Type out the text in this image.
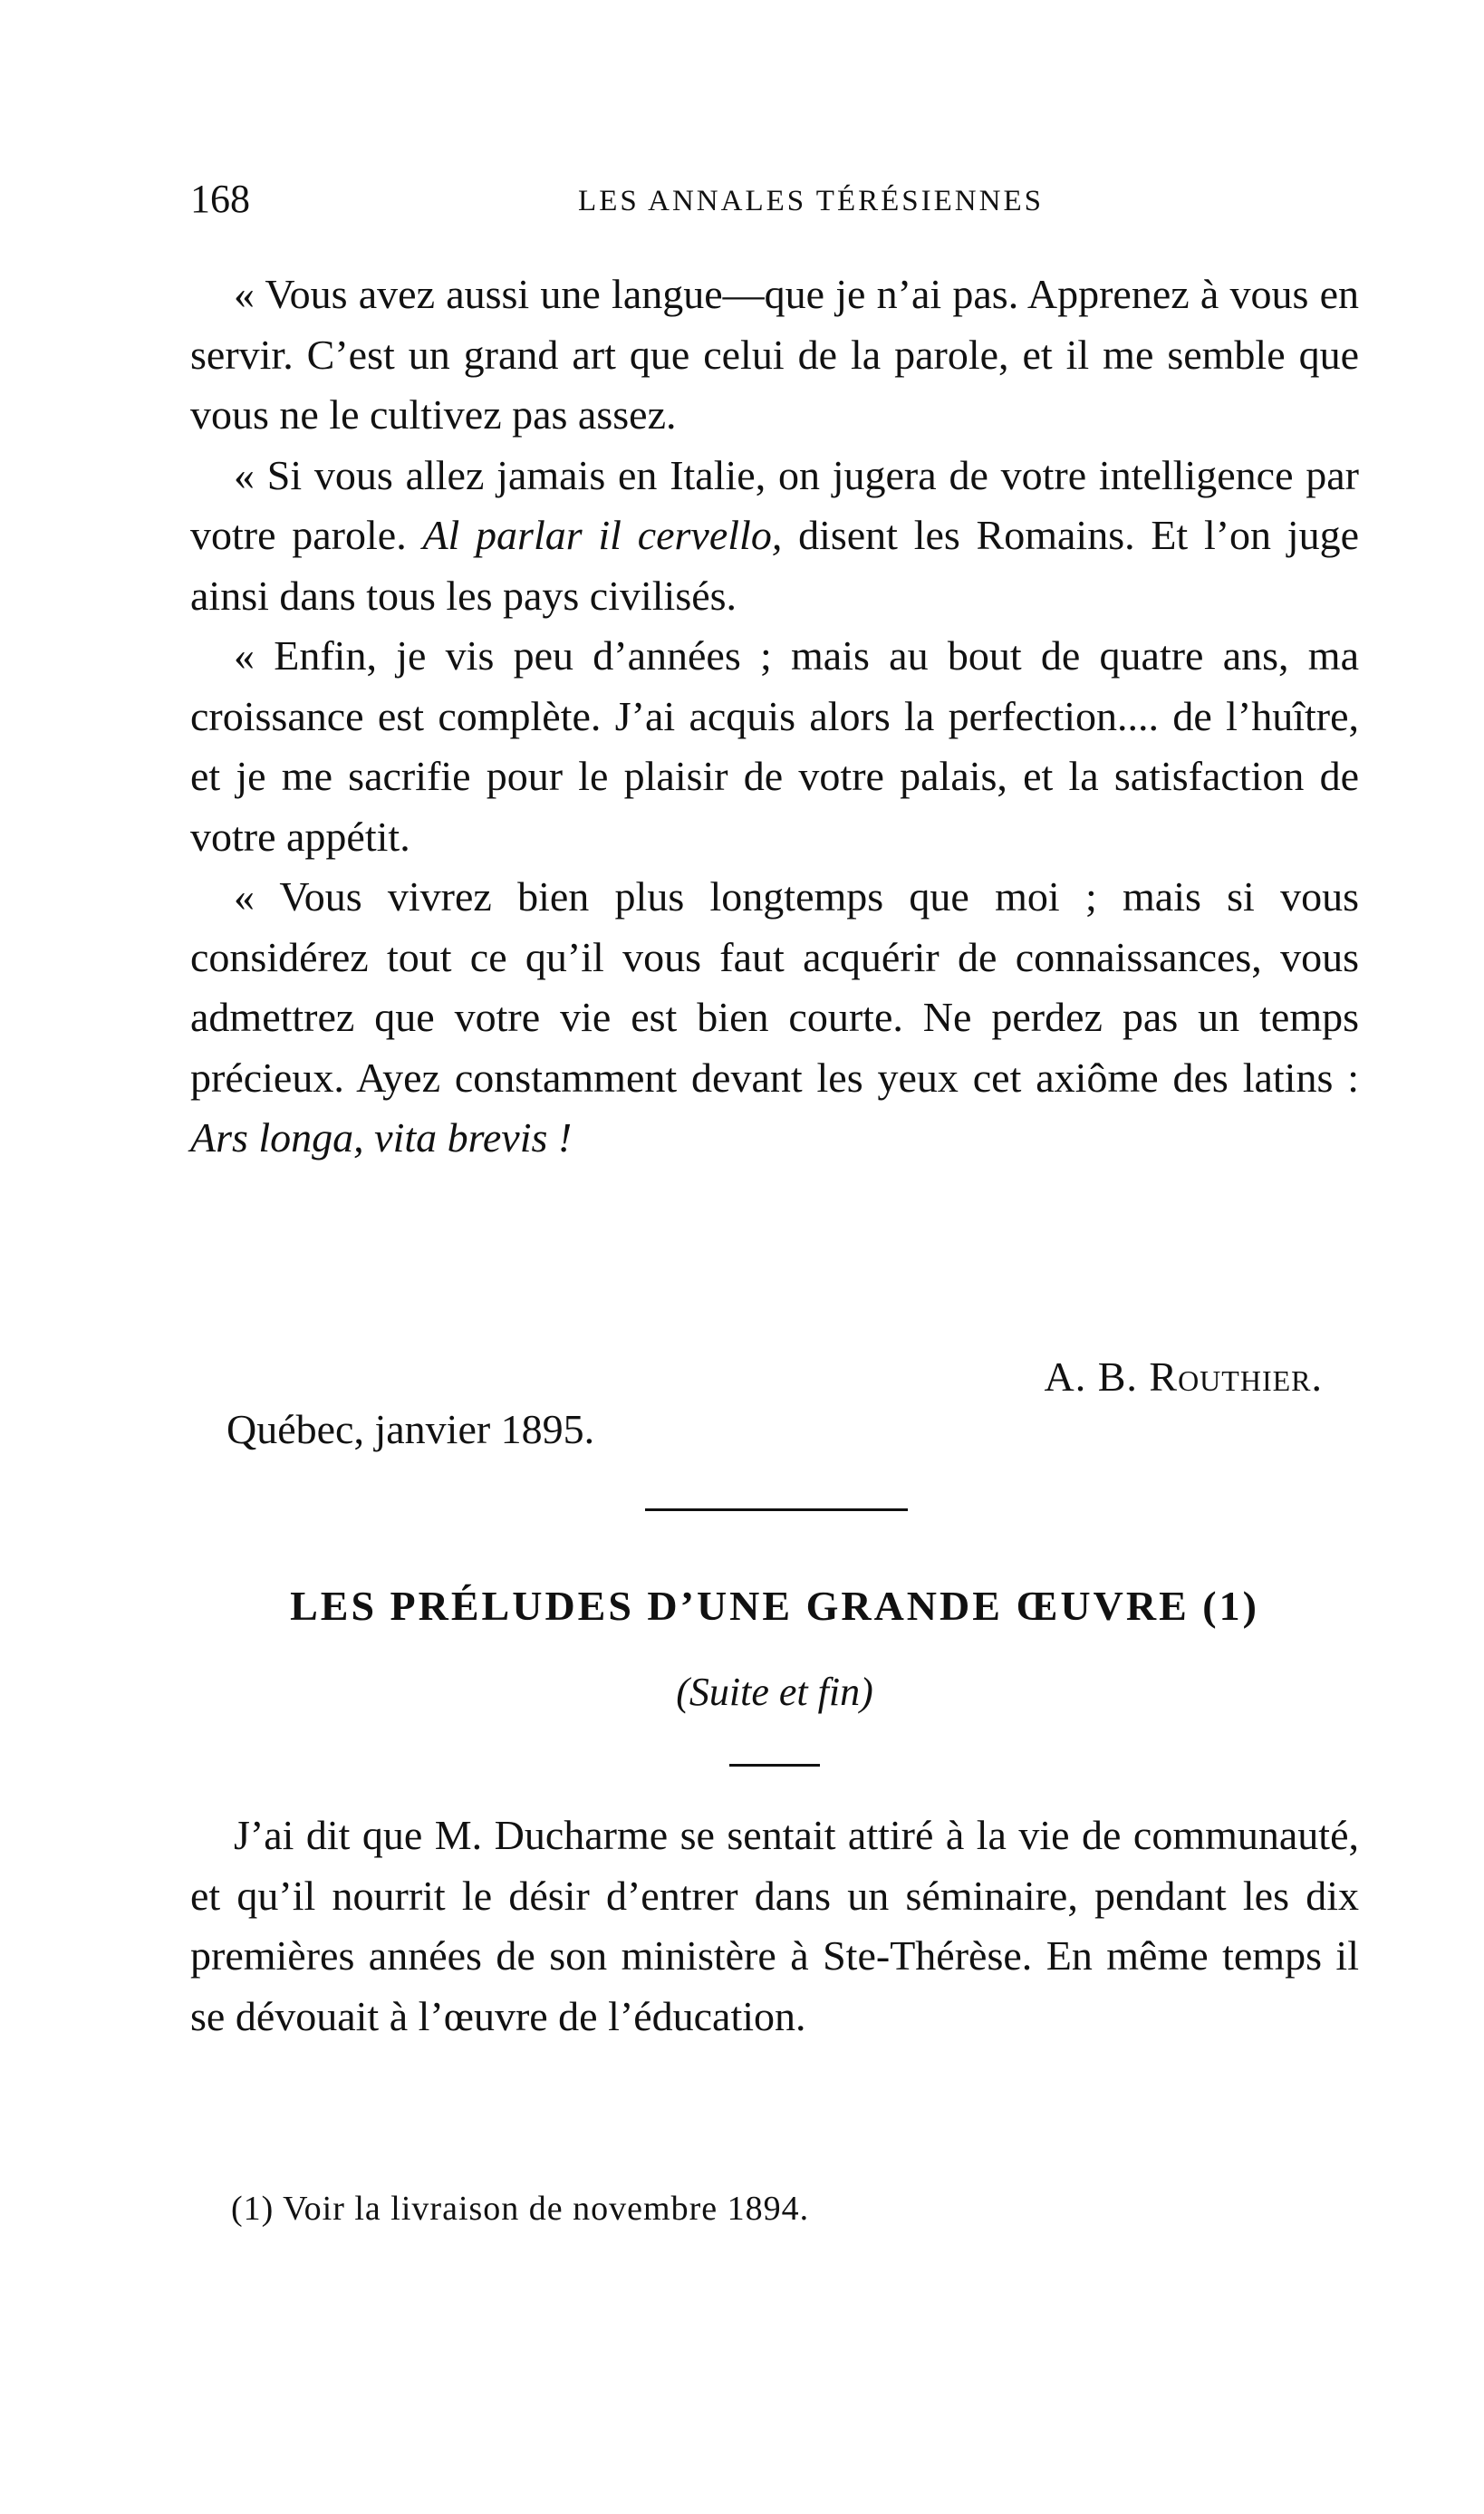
168	LES ANNALES TÉRÉSIENNES

« Vous avez aussi une langue—que je n’ai pas. Apprenez à vous en servir. C’est un grand art que celui de la parole, et il me semble que vous ne le cultivez pas assez.

« Si vous allez jamais en Italie, on jugera de votre intelligence par votre parole. Al parlar il cervello, disent les Romains. Et l’on juge ainsi dans tous les pays civilisés.

« Enfin, je vis peu d’années ; mais au bout de quatre ans, ma croissance est complète. J’ai acquis alors la perfection.... de l’huître, et je me sacrifie pour le plaisir de votre palais, et la satisfaction de votre appétit.

« Vous vivrez bien plus longtemps que moi ; mais si vous considérez tout ce qu’il vous faut acquérir de connaissances, vous admettrez que votre vie est bien courte. Ne perdez pas un temps précieux. Ayez constamment devant les yeux cet axiôme des latins : Ars longa, vita brevis !

A. B. Routhier.
Québec, janvier 1895.
LES PRÉLUDES D’UNE GRANDE ŒUVRE (1)
(Suite et fin)

J’ai dit que M. Ducharme se sentait attiré à la vie de communauté, et qu’il nourrit le désir d’entrer dans un séminaire, pendant les dix premières années de son ministère à Ste-Thérèse. En même temps il se dévouait à l’œuvre de l’éducation.

(1) Voir la livraison de novembre 1894.
